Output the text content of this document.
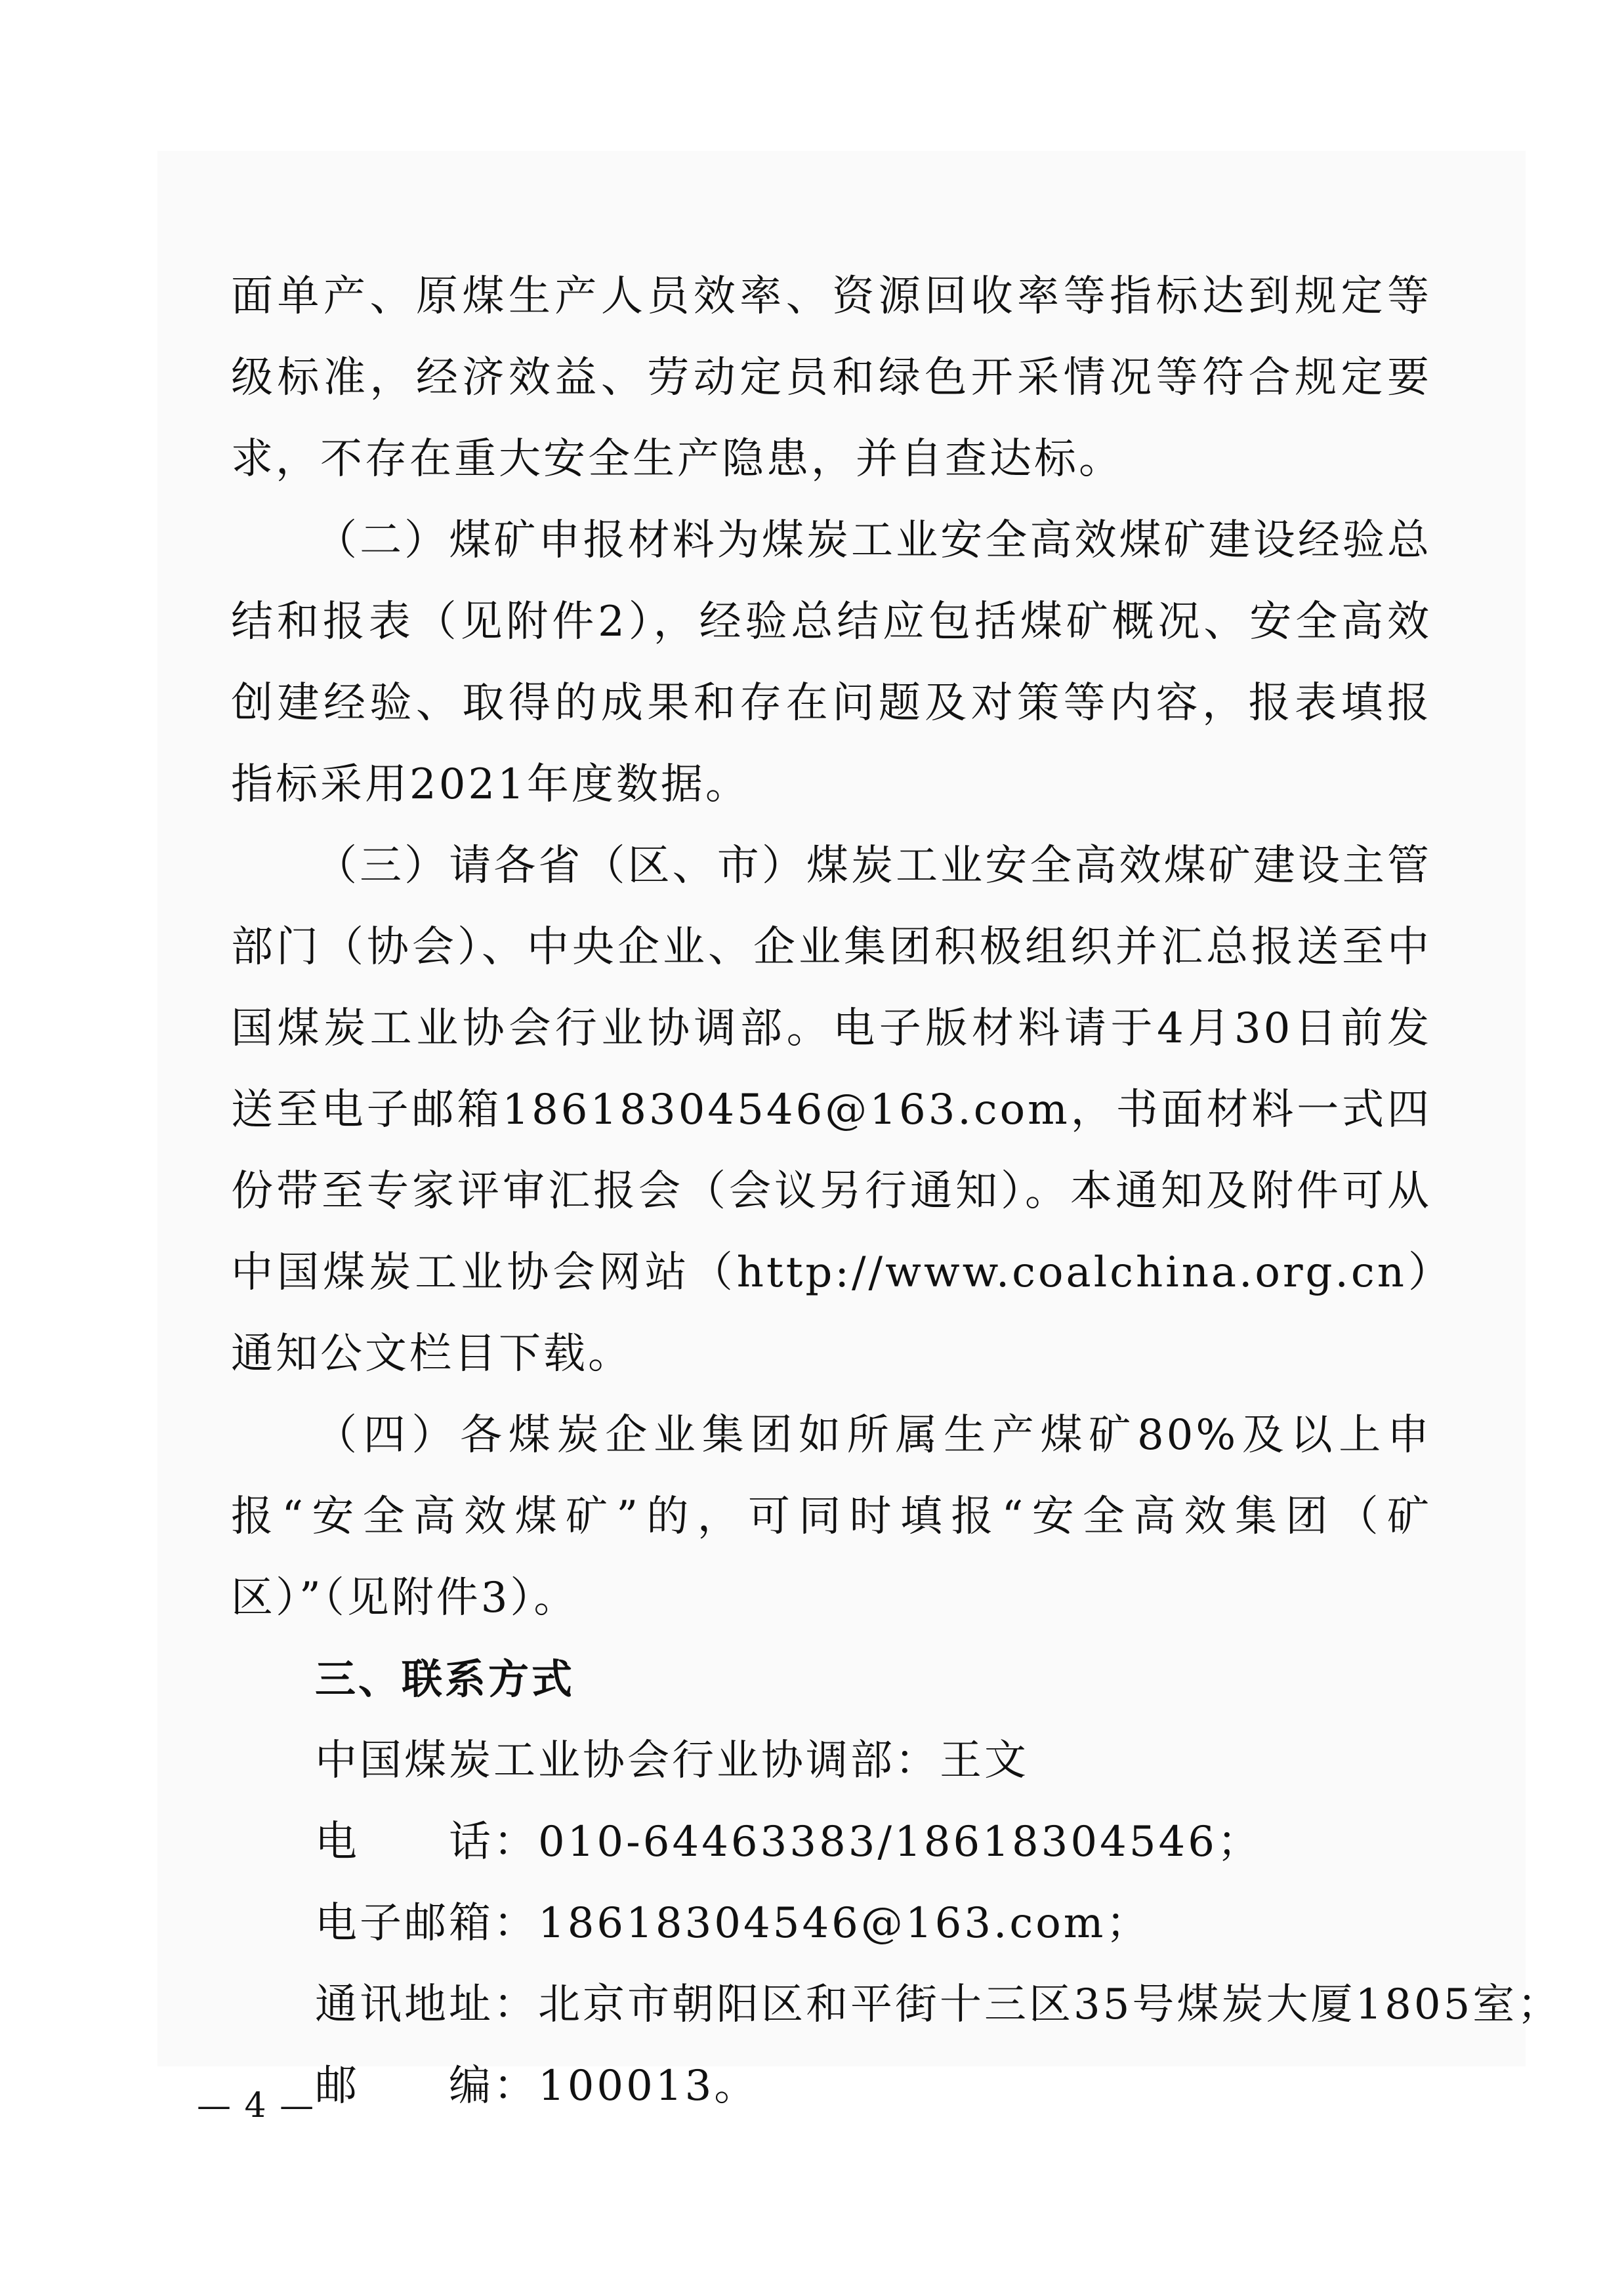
面单产、原煤生产人员效率、资源回收率等指标达到规定等级标准，经济效益、劳动定员和绿色开采情况等符合规定要求，不存在重大安全生产隐患，并自查达标。

（二）煤矿申报材料为煤炭工业安全高效煤矿建设经验总结和报表（见附件2），经验总结应包括煤矿概况、安全高效创建经验、取得的成果和存在问题及对策等内容，报表填报指标采用2021年度数据。

（三）请各省（区、市）煤炭工业安全高效煤矿建设主管部门（协会）、中央企业、企业集团积极组织并汇总报送至中国煤炭工业协会行业协调部。电子版材料请于4月30日前发送至电子邮箱18618304546@163.com，书面材料一式四份带至专家评审汇报会（会议另行通知）。本通知及附件可从中国煤炭工业协会网站（http://www.coalchina.org.cn）通知公文栏目下载。

（四）各煤炭企业集团如所属生产煤矿80%及以上申报“安全高效煤矿”的，可同时填报“安全高效集团（矿区）”（见附件3）。

三、联系方式

中国煤炭工业协会行业协调部：王文

电　　话：010-64463383/18618304546；

电子邮箱：18618304546@163.com；

通讯地址：北京市朝阳区和平街十三区35号煤炭大厦1805室；

邮　　编：100013。

— 4 —
